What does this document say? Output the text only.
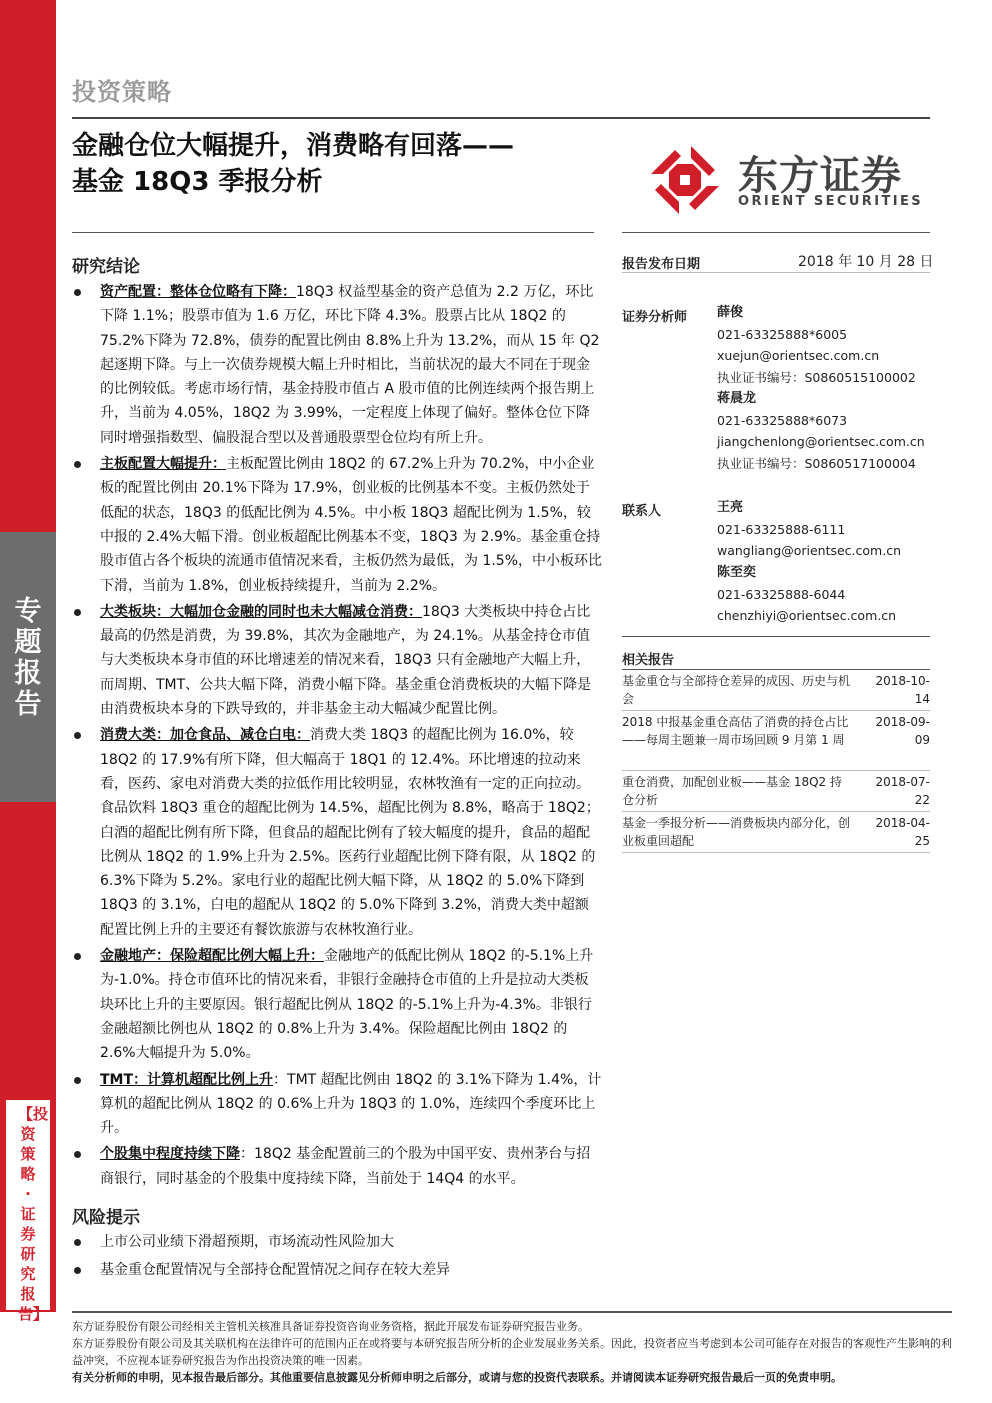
专题报告
【投资策略·证券研究报告】
投资策略
金融仓位大幅提升，消费略有回落——
基金 18Q3 季报分析	东方证券
ORIENT SECURITIES
研究结论
资产配置：整体仓位略有下降：18Q3 权益型基金的资产总值为 2.2 万亿，环比下降 1.1%；股票市值为 1.6 万亿，环比下降 4.3%。股票占比从 18Q2 的 75.2%下降为 72.8%，债券的配置比例由 8.8%上升为 13.2%，而从 15 年 Q2 起逐期下降。与上一次债券规模大幅上升时相比，当前状况的最大不同在于现金的比例较低。考虑市场行情，基金持股市值占 A 股市值的比例连续两个报告期上升，当前为 4.05%，18Q2 为 3.99%，一定程度上体现了偏好。整体仓位下降同时增强指数型、偏股混合型以及普通股票型仓位均有所上升。
主板配置大幅提升：主板配置比例由 18Q2 的 67.2%上升为 70.2%，中小企业板的配置比例由 20.1%下降为 17.9%，创业板的比例基本不变。主板仍然处于低配的状态，18Q3 的低配比例为 4.5%。中小板 18Q3 超配比例为 1.5%，较中报的 2.4%大幅下滑。创业板超配比例基本不变，18Q3 为 2.9%。基金重仓持股市值占各个板块的流通市值情况来看，主板仍然为最低，为 1.5%，中小板环比下滑，当前为 1.8%，创业板持续提升，当前为 2.2%。
大类板块：大幅加仓金融的同时也未大幅减仓消费：18Q3 大类板块中持仓占比最高的仍然是消费，为 39.8%，其次为金融地产，为 24.1%。从基金持仓市值与大类板块本身市值的环比增速差的情况来看，18Q3 只有金融地产大幅上升，而周期、TMT、公共大幅下降，消费小幅下降。基金重仓消费板块的大幅下降是由消费板块本身的下跌导致的，并非基金主动大幅减少配置比例。
消费大类：加仓食品、减仓白电：消费大类 18Q3 的超配比例为 16.0%，较 18Q2 的 17.9%有所下降，但大幅高于 18Q1 的 12.4%。环比增速的拉动来看，医药、家电对消费大类的拉低作用比较明显，农林牧渔有一定的正向拉动。食品饮料 18Q3 重仓的超配比例为 14.5%，超配比例为 8.8%，略高于 18Q2；白酒的超配比例有所下降，但食品的超配比例有了较大幅度的提升，食品的超配比例从 18Q2 的 1.9%上升为 2.5%。医药行业超配比例下降有限，从 18Q2 的 6.3%下降为 5.2%。家电行业的超配比例大幅下降，从 18Q2 的 5.0%下降到 18Q3 的 3.1%，白电的超配从 18Q2 的 5.0%下降到 3.2%，消费大类中超额配置比例上升的主要还有餐饮旅游与农林牧渔行业。
金融地产：保险超配比例大幅上升：金融地产的低配比例从 18Q2 的-5.1%上升为-1.0%。持仓市值环比的情况来看，非银行金融持仓市值的上升是拉动大类板块环比上升的主要原因。银行超配比例从 18Q2 的-5.1%上升为-4.3%。非银行金融超额比例也从 18Q2 的 0.8%上升为 3.4%。保险超配比例由 18Q2 的 2.6%大幅提升为 5.0%。
TMT：计算机超配比例上升：TMT 超配比例由 18Q2 的 3.1%下降为 1.4%，计算机的超配比例从 18Q2 的 0.6%上升为 18Q3 的 1.0%，连续四个季度环比上升。
个股集中程度持续下降：18Q2 基金配置前三的个股为中国平安、贵州茅台与招商银行，同时基金的个股集中度持续下降，当前处于 14Q4 的水平。
风险提示
上市公司业绩下滑超预期，市场流动性风险加大
基金重仓配置情况与全部持仓配置情况之间存在较大差异
报告发布日期	2018 年 10 月 28 日
证券分析师 薛俊
021-63325888*6005
xuejun@orientsec.com.cn
执业证书编号：S0860515100002
蒋晨龙
021-63325888*6073
jiangchenlong@orientsec.com.cn
执业证书编号：S0860517100004
联系人	王亮
021-63325888-6111
wangliang@orientsec.com.cn
陈至奕
021-63325888-6044
chenzhiyi@orientsec.com.cn
相关报告
基金重仓与全部持仓差异的成因、历史与机会
2018-10-14
2018 中报基金重仓高估了消费的持仓占比——每周主题兼一周市场回顾 9 月第 1 周
2018-09-09
重仓消费，加配创业板——基金 18Q2 持仓分析
2018-07-22
基金一季报分析——消费板块内部分化，创业板重回超配
2018-04-25
东方证券股份有限公司经相关主管机关核准具备证券投资咨询业务资格，据此开展发布证券研究报告业务。
东方证券股份有限公司及其关联机构在法律许可的范围内正在或将要与本研究报告所分析的企业发展业务关系。因此，投资者应当考虑到本公司可能存在对报告的客观性产生影响的利益冲突，不应视本证券研究报告为作出投资决策的唯一因素。
有关分析师的申明，见本报告最后部分。其他重要信息披露见分析师申明之后部分，或请与您的投资代表联系。并请阅读本证券研究报告最后一页的免责申明。
